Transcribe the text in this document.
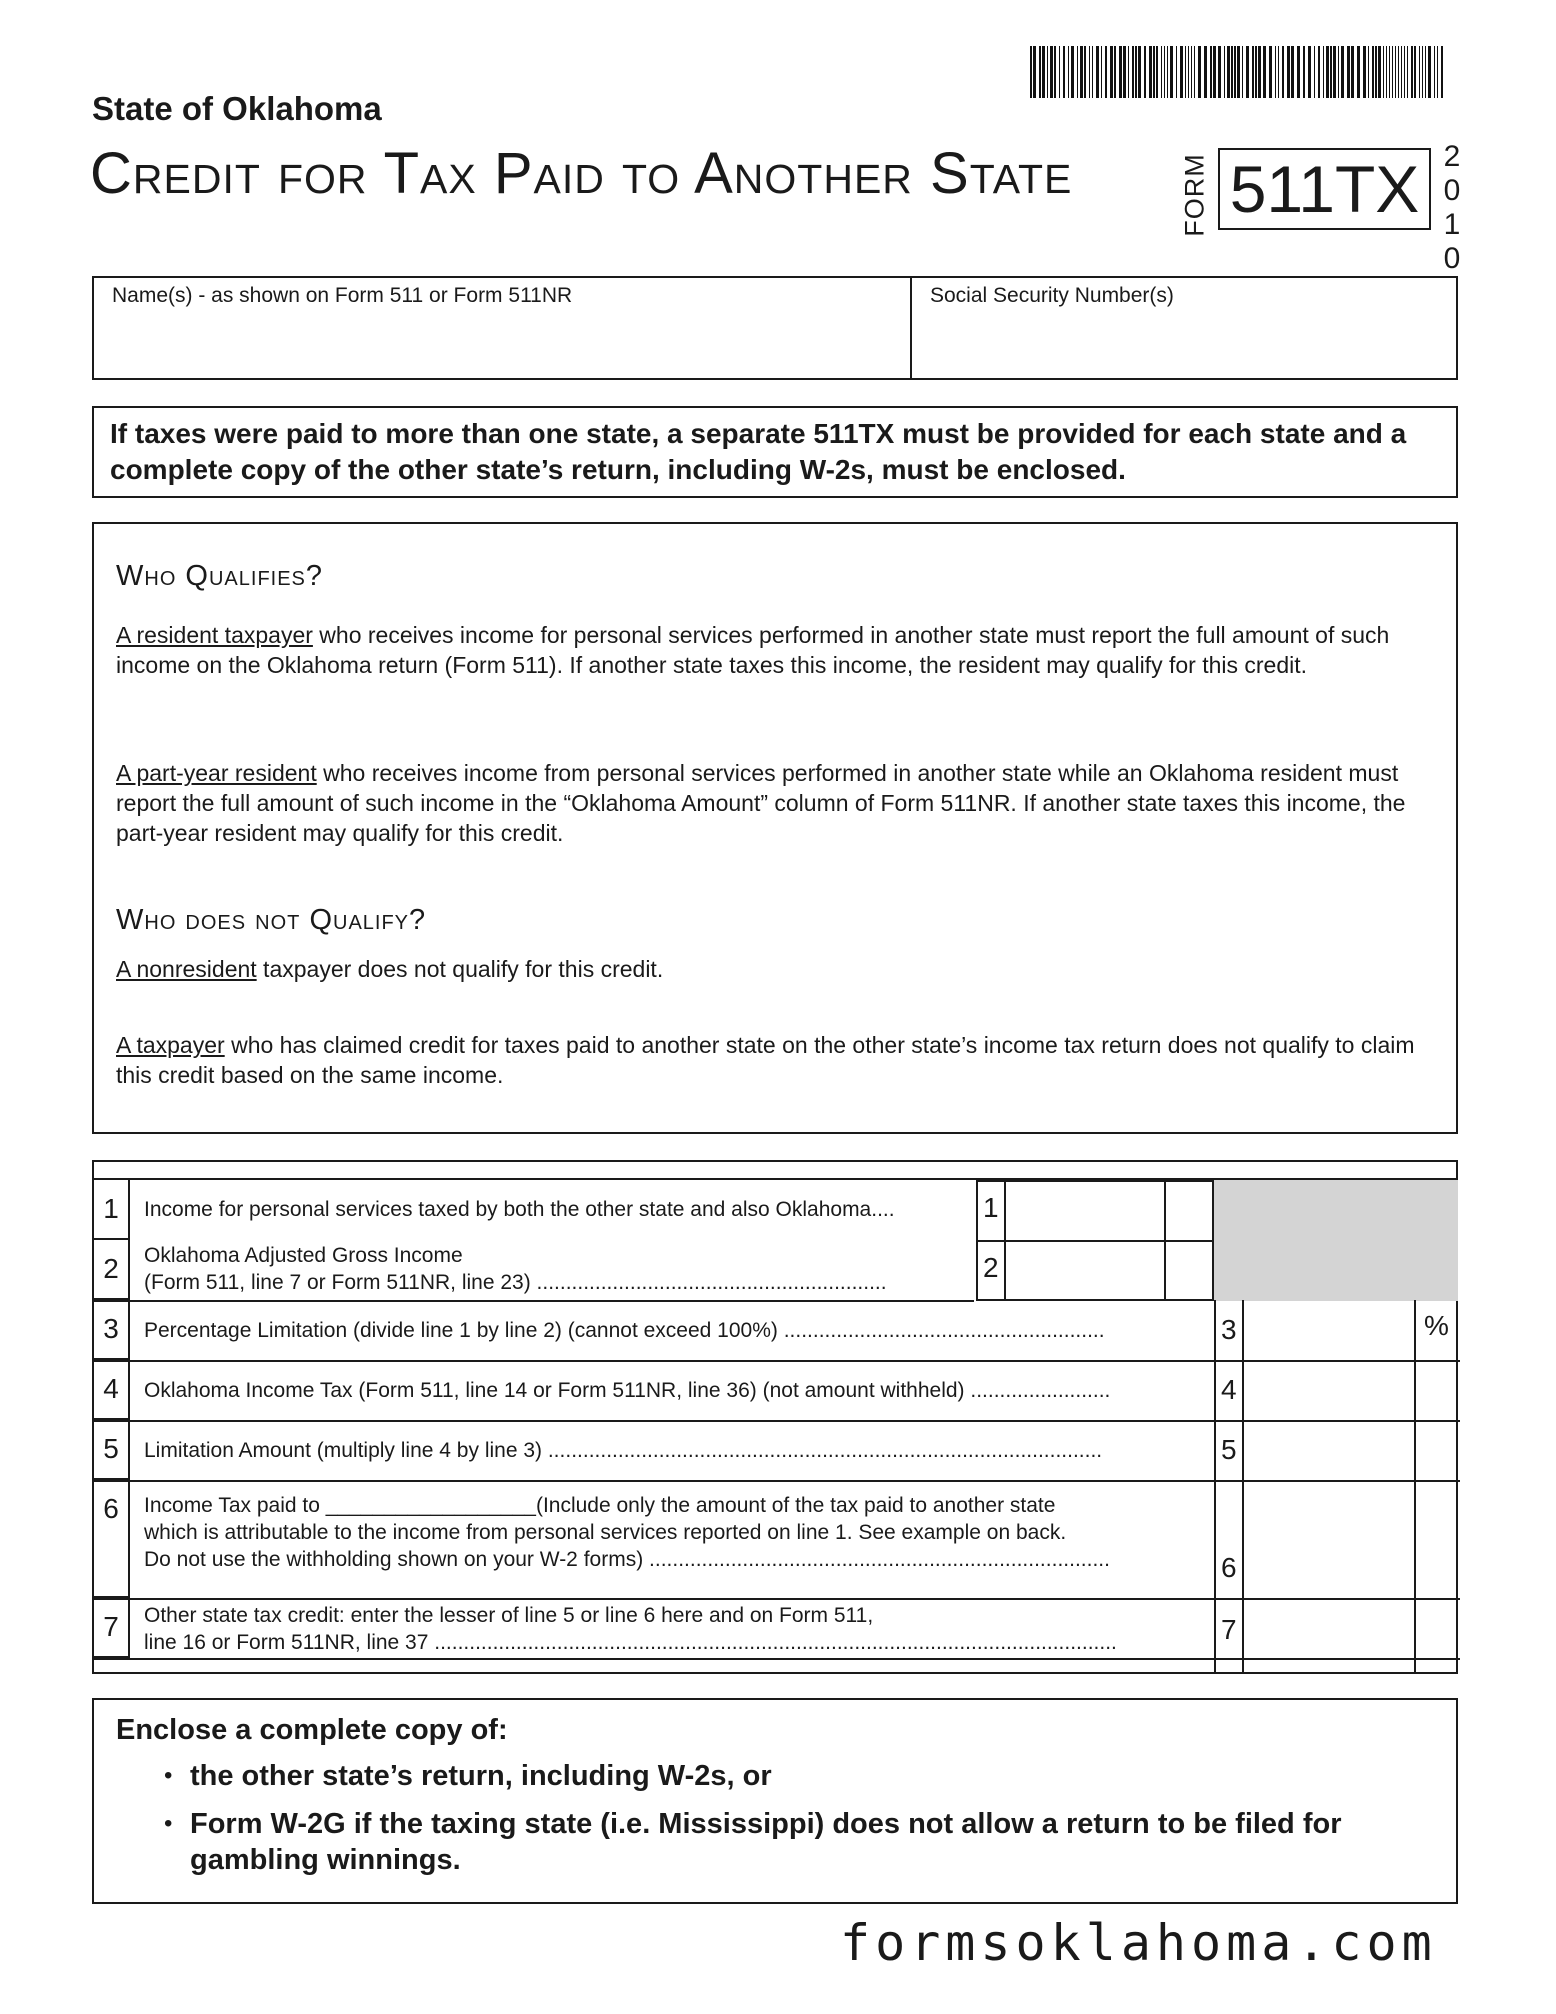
State of Oklahoma
Credit for Tax Paid to Another State	FORM 511TX 2
0
1
0
Name(s) - as shown on Form 511 or Form 511NR	Social Security Number(s)
If taxes were paid to more than one state, a separate 511TX must be provided for each state and a complete copy of the other state’s return, including W-2s, must be enclosed.
Who Qualifies?
A resident taxpayer who receives income for personal services performed in another state must report the full amount of such income on the Oklahoma return (Form 511). If another state taxes this income, the resident may qualify for this credit.
A part-year resident who receives income from personal services performed in another state while an Oklahoma resident must report the full amount of such income in the “Oklahoma Amount” column of Form 511NR. If another state taxes this income, the part-year resident may qualify for this credit.
Who does not Qualify?
A nonresident taxpayer does not qualify for this credit.
A taxpayer who has claimed credit for taxes paid to another state on the other state’s income tax return does not qualify to claim this credit based on the same income.
1
2
3
4
5
6
7
Income for personal services taxed by both the other state and also Oklahoma....
Oklahoma Adjusted Gross Income
(Form 511, line 7 or Form 511NR, line 23) ............................................................
Percentage Limitation (divide line 1 by line 2) (cannot exceed 100%) .......................................................
Oklahoma Income Tax (Form 511, line 14 or Form 511NR, line 36) (not amount withheld) ........................
Limitation Amount (multiply line 4 by line 3) ...............................................................................................
Income Tax paid to __________________(Include only the amount of the tax paid to another state
which is attributable to the income from personal services reported on line 1. See example on back.
Do not use the withholding shown on your W-2 forms) ...............................................................................
Other state tax credit: enter the lesser of line 5 or line 6 here and on Form 511,
line 16 or Form 511NR, line 37 .....................................................................................................................
1
2
3
4
5
6
7
%
Enclose a complete copy of:
• the other state’s return, including W-2s, or
• Form W-2G if the taxing state (i.e. Mississippi) does not allow a return to be filed for gambling winnings.
formsoklahoma.com
